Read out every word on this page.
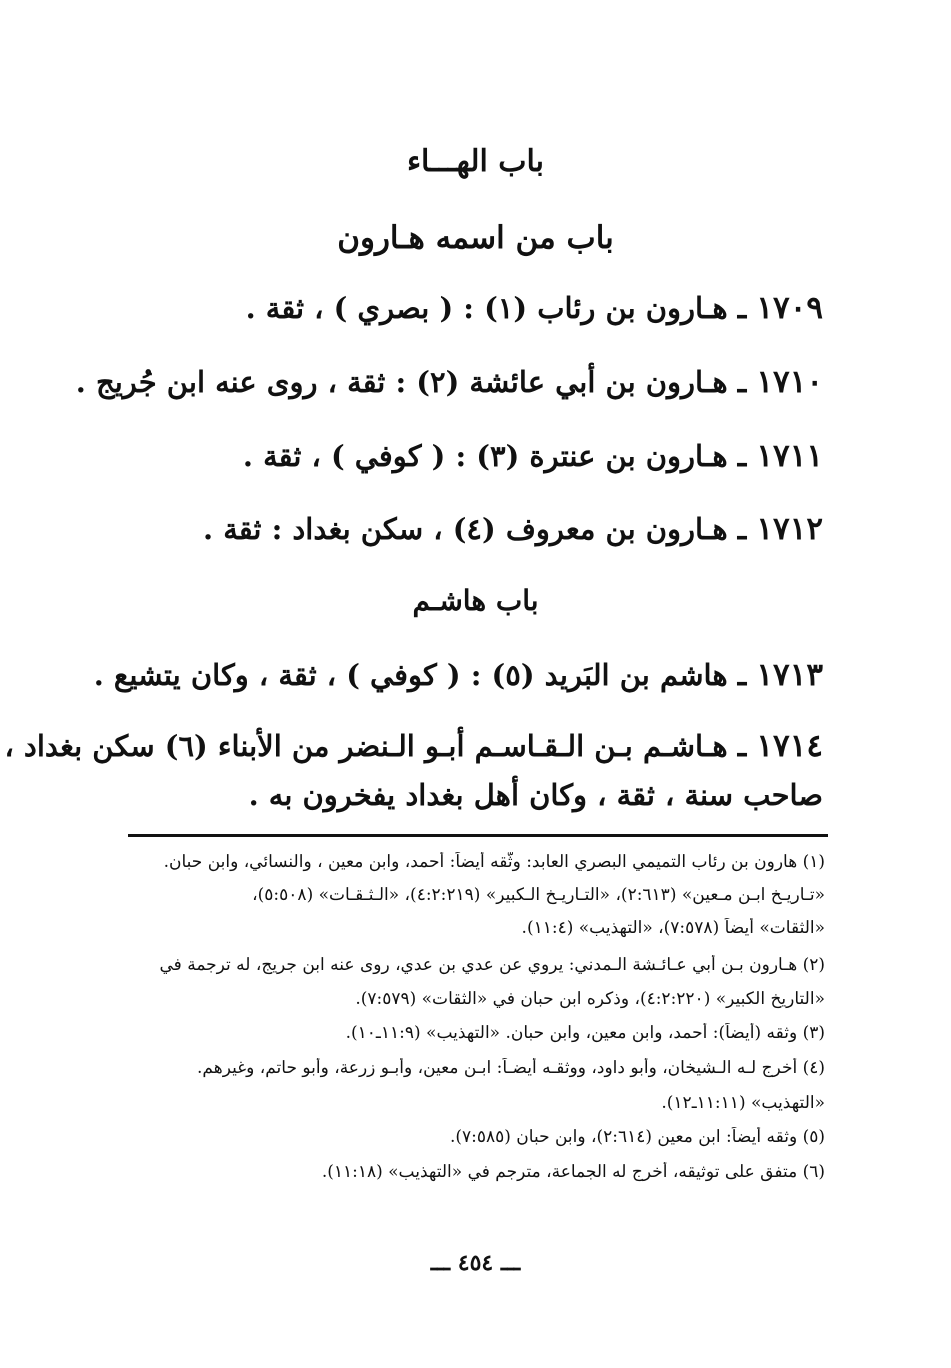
باب الهـــاء
باب من اسمه هـارون
١٧٠٩ ـ هـارون بن رئاب (١) : ( بصري ) ، ثقة .
١٧١٠ ـ هـارون بن أبي عائشة (٢) : ثقة ، روى عنه ابن جُريج .
١٧١١ ـ هـارون بن عنترة (٣) : ( كوفي ) ، ثقة .
١٧١٢ ـ هـارون بن معروف (٤) ، سكن بغداد : ثقة .
باب هاشـم
١٧١٣ ـ هاشم بن البَريد (٥) : ( كوفي ) ، ثقة ، وكان يتشيع .
١٧١٤ ـ هـاشـم بـن الـقـاسـم أبـو الـنضر من الأبناء (٦) سكن بغداد ،
صاحب سنة ، ثقة ، وكان أهل بغداد يفخرون به .
(١) هارون بن رئاب التميمي البصري العابد: وثّقه أيضاً: أحمد، وابن معين ، والنسائي، وابن حبان.
«تـاريـخ ابـن مـعين» (٢:٦١٣)، «التـاريـخ الـكبير» (٤:٢:٢١٩)، «الـثـقـات» (٥:٥٠٨)،
«الثقات» أيضاً (٧:٥٧٨)، «التهذيب» (١١:٤).
(٢) هـارون بـن أبي عـائـشة الـمدني: يروي عن عدي بن عدي، روى عنه ابن جريج، له ترجمة في
«التاريخ الكبير» (٤:٢:٢٢٠)، وذكره ابن حبان في «الثقات» (٧:٥٧٩).
(٣) وثقه (أيضاً): أحمد، وابن معين، وابن حبان. «التهذيب» (١١:٩ـ١٠).
(٤) أخرج لـه الـشيخان، وأبو داود، ووثقـه أيضـاً: ابـن معين، وأبـو زرعة، وأبو حاتم، وغيرهم.
«التهذيب» (١١:١١ـ١٢).
(٥) وثقه أيضاً: ابن معين (٢:٦١٤)، وابن حبان (٧:٥٨٥).
(٦) متفق على توثيقه، أخرج له الجماعة، مترجم في «التهذيب» (١١:١٨).
ـــ ٤٥٤ ـــ
